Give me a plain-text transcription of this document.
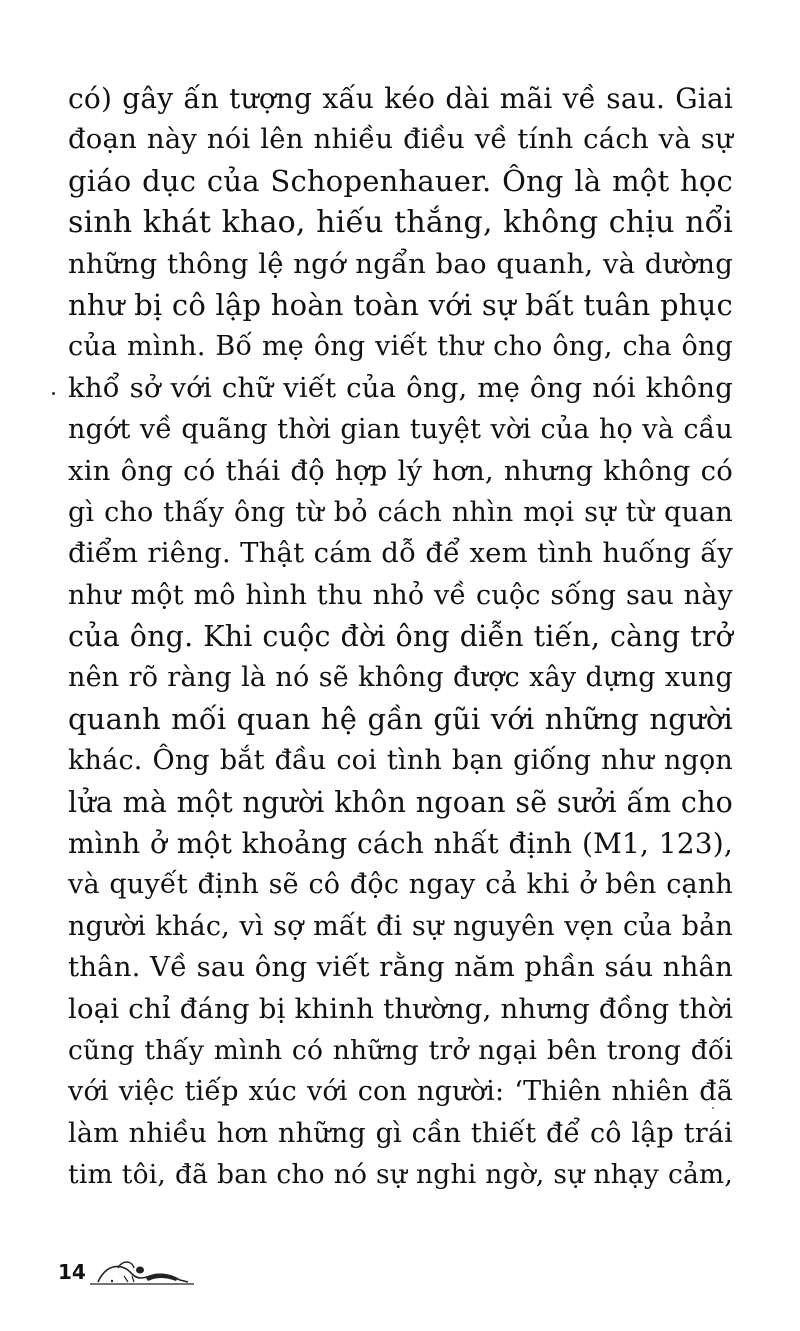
có) gây ấn tượng xấu kéo dài mãi về sau. Giai
đoạn này nói lên nhiều điều về tính cách và sự
giáo dục của Schopenhauer. Ông là một học
sinh khát khao, hiếu thắng, không chịu nổi
những thông lệ ngớ ngẩn bao quanh, và dường
như bị cô lập hoàn toàn với sự bất tuân phục
của mình. Bố mẹ ông viết thư cho ông, cha ông
khổ sở với chữ viết của ông, mẹ ông nói không
ngớt về quãng thời gian tuyệt vời của họ và cầu
xin ông có thái độ hợp lý hơn, nhưng không có
gì cho thấy ông từ bỏ cách nhìn mọi sự từ quan
điểm riêng. Thật cám dỗ để xem tình huống ấy
như một mô hình thu nhỏ về cuộc sống sau này
của ông. Khi cuộc đời ông diễn tiến, càng trở
nên rõ ràng là nó sẽ không được xây dựng xung
quanh mối quan hệ gần gũi với những người
khác. Ông bắt đầu coi tình bạn giống như ngọn
lửa mà một người khôn ngoan sẽ sưởi ấm cho
mình ở một khoảng cách nhất định (M1, 123),
và quyết định sẽ cô độc ngay cả khi ở bên cạnh
người khác, vì sợ mất đi sự nguyên vẹn của bản
thân. Về sau ông viết rằng năm phần sáu nhân
loại chỉ đáng bị khinh thường, nhưng đồng thời
cũng thấy mình có những trở ngại bên trong đối
với việc tiếp xúc với con người: ‘Thiên nhiên đã
làm nhiều hơn những gì cần thiết để cô lập trái
tim tôi, đã ban cho nó sự nghi ngờ, sự nhạy cảm,
14
